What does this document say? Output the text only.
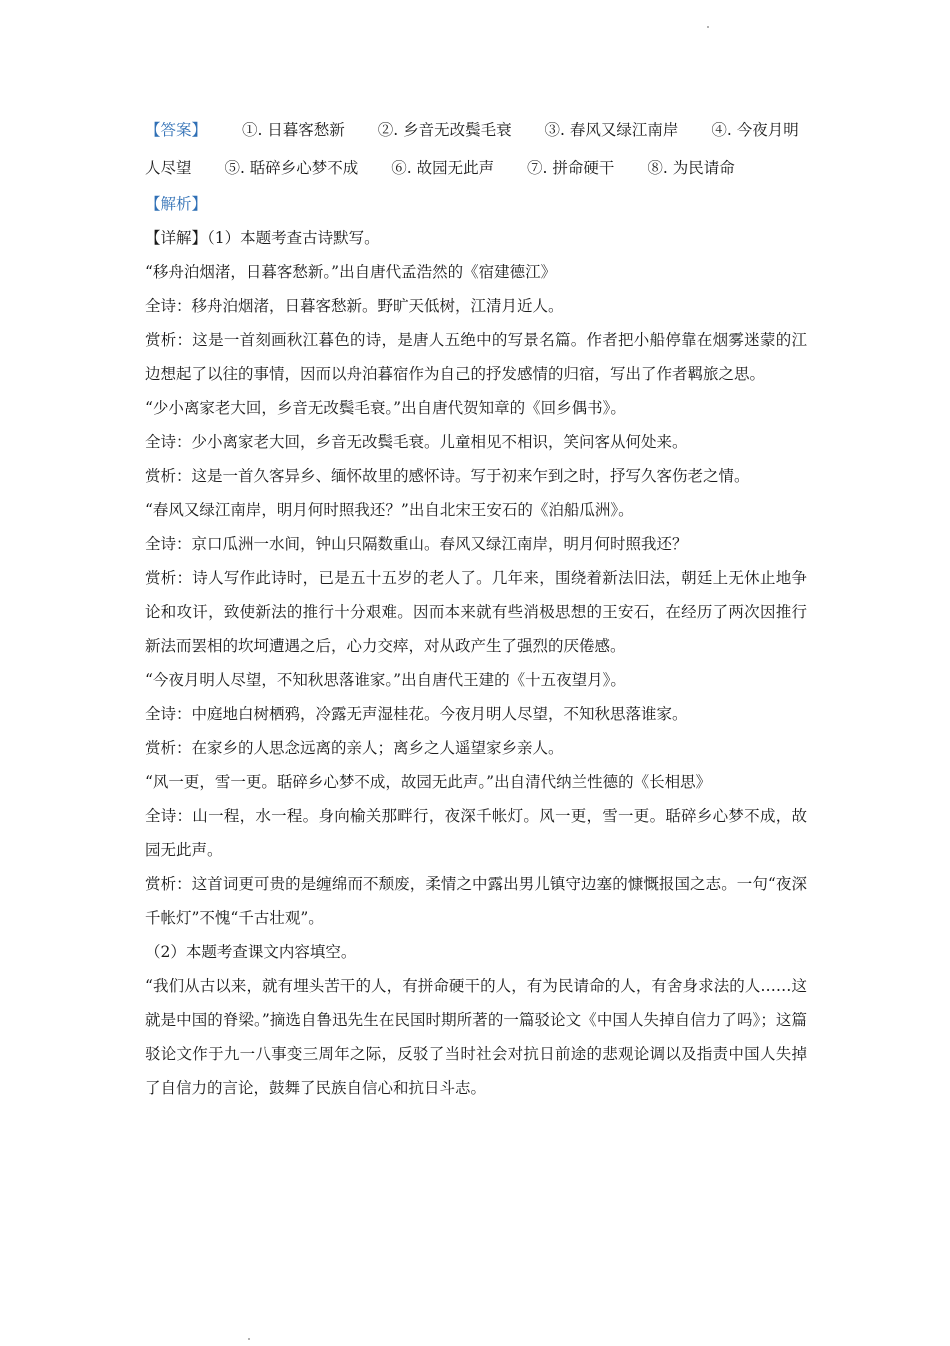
【答案】 ①. 日暮客愁新 ②. 乡音无改鬓毛衰 ③. 春风又绿江南岸 ④. 今夜月明人尽望 ⑤. 聒碎乡心梦不成 ⑥. 故园无此声 ⑦. 拼命硬干 ⑧. 为民请命
【解析】
【详解】（1）本题考查古诗默写。
“移舟泊烟渚，日暮客愁新。”出自唐代孟浩然的《宿建德江》
全诗：移舟泊烟渚，日暮客愁新。野旷天低树，江清月近人。
赏析：这是一首刻画秋江暮色的诗，是唐人五绝中的写景名篇。作者把小船停靠在烟雾迷蒙的江边想起了以往的事情，因而以舟泊暮宿作为自己的抒发感情的归宿，写出了作者羁旅之思。
“少小离家老大回，乡音无改鬓毛衰。”出自唐代贺知章的《回乡偶书》。
全诗：少小离家老大回，乡音无改鬓毛衰。儿童相见不相识，笑问客从何处来。
赏析：这是一首久客异乡、缅怀故里的感怀诗。写于初来乍到之时，抒写久客伤老之情。
“春风又绿江南岸，明月何时照我还？”出自北宋王安石的《泊船瓜洲》。
全诗：京口瓜洲一水间，钟山只隔数重山。春风又绿江南岸，明月何时照我还？
赏析：诗人写作此诗时，已是五十五岁的老人了。几年来，围绕着新法旧法，朝廷上无休止地争论和攻讦，致使新法的推行十分艰难。因而本来就有些消极思想的王安石，在经历了两次因推行新法而罢相的坎坷遭遇之后，心力交瘁，对从政产生了强烈的厌倦感。
“今夜月明人尽望，不知秋思落谁家。”出自唐代王建的《十五夜望月》。
全诗：中庭地白树栖鸦，冷露无声湿桂花。今夜月明人尽望，不知秋思落谁家。
赏析：在家乡的人思念远离的亲人；离乡之人遥望家乡亲人。
“风一更，雪一更。聒碎乡心梦不成，故园无此声。”出自清代纳兰性德的《长相思》
全诗：山一程，水一程。身向榆关那畔行，夜深千帐灯。风一更，雪一更。聒碎乡心梦不成，故园无此声。
赏析：这首词更可贵的是缠绵而不颓废，柔情之中露出男儿镇守边塞的慷慨报国之志。一句“夜深千帐灯”不愧“千古壮观”。
（2）本题考查课文内容填空。
“我们从古以来，就有埋头苦干的人，有拼命硬干的人，有为民请命的人，有舍身求法的人……这就是中国的脊梁。”摘选自鲁迅先生在民国时期所著的一篇驳论文《中国人失掉自信力了吗》；这篇驳论文作于九一八事变三周年之际，反驳了当时社会对抗日前途的悲观论调以及指责中国人失掉了自信力的言论，鼓舞了民族自信心和抗日斗志。
